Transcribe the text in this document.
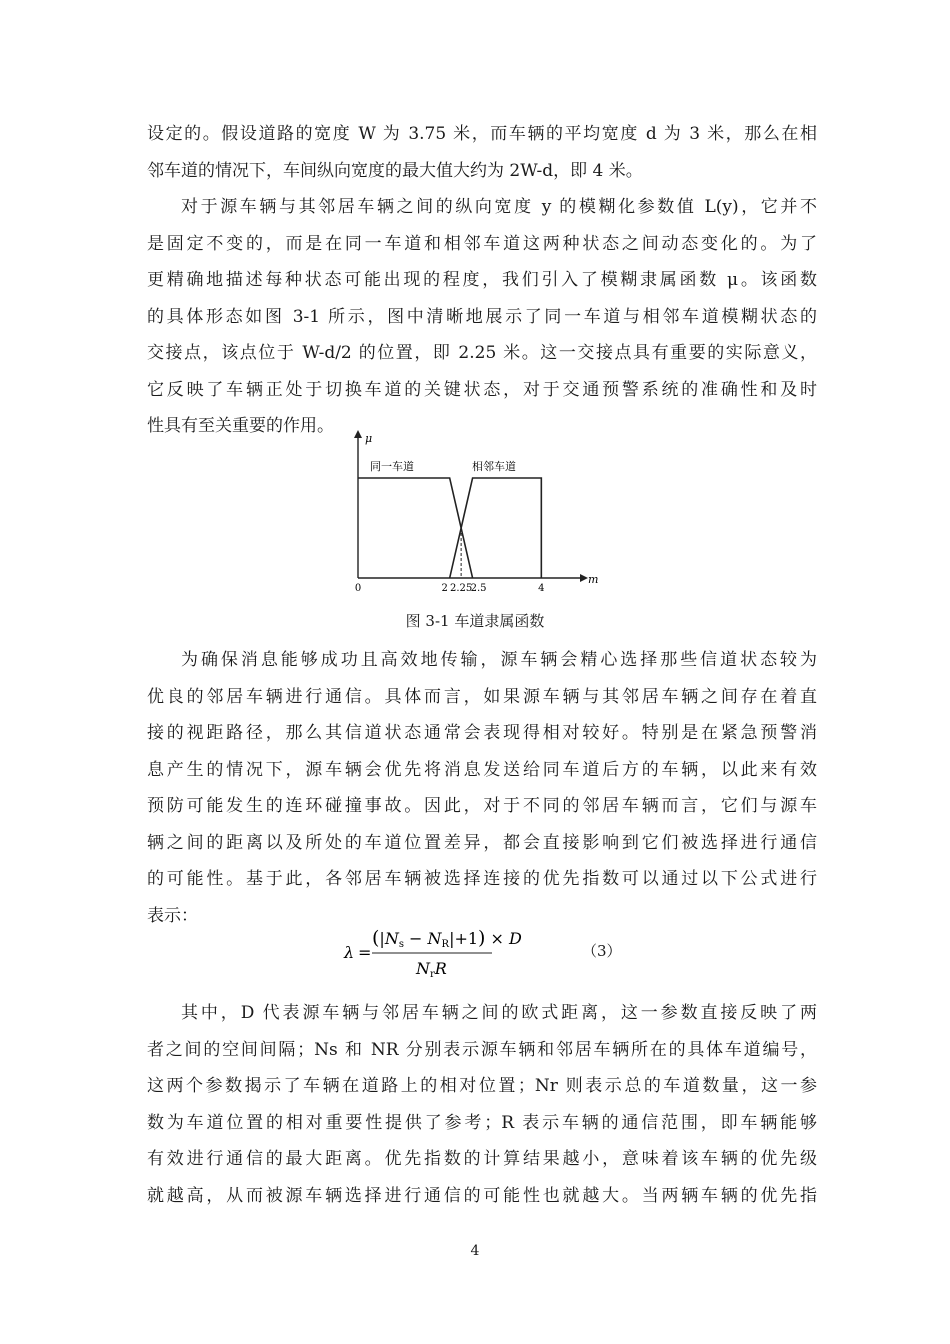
设定的。假设道路的宽度 W 为 3.75 米，而车辆的平均宽度 d 为 3 米，那么在相
邻车道的情况下，车间纵向宽度的最大值大约为 2W-d，即 4 米。
对于源车辆与其邻居车辆之间的纵向宽度 y 的模糊化参数值 L(y)，它并不
是固定不变的，而是在同一车道和相邻车道这两种状态之间动态变化的。为了
更精确地描述每种状态可能出现的程度，我们引入了模糊隶属函数 μ。该函数
的具体形态如图 3-1 所示，图中清晰地展示了同一车道与相邻车道模糊状态的
交接点，该点位于 W-d/2 的位置，即 2.25 米。这一交接点具有重要的实际意义，
它反映了车辆正处于切换车道的关键状态，对于交通预警系统的准确性和及时
性具有至关重要的作用。
μ
m
同一车道	相邻车道
0	2 2.25
2.5	4
图 3-1 车道隶属函数
为确保消息能够成功且高效地传输，源车辆会精心选择那些信道状态较为
优良的邻居车辆进行通信。具体而言，如果源车辆与其邻居车辆之间存在着直
接的视距路径，那么其信道状态通常会表现得相对较好。特别是在紧急预警消
息产生的情况下，源车辆会优先将消息发送给同车道后方的车辆，以此来有效
预防可能发生的连环碰撞事故。因此，对于不同的邻居车辆而言，它们与源车
辆之间的距离以及所处的车道位置差异，都会直接影响到它们被选择进行通信
的可能性。基于此，各邻居车辆被选择连接的优先指数可以通过以下公式进行
表示：
λ =
(|Ns − NR|+1) × D
NrR
（3）
其中，D 代表源车辆与邻居车辆之间的欧式距离，这一参数直接反映了两
者之间的空间间隔；Ns 和 NR 分别表示源车辆和邻居车辆所在的具体车道编号，
这两个参数揭示了车辆在道路上的相对位置；Nr 则表示总的车道数量，这一参
数为车道位置的相对重要性提供了参考；R 表示车辆的通信范围，即车辆能够
有效进行通信的最大距离。优先指数的计算结果越小，意味着该车辆的优先级
就越高，从而被源车辆选择进行通信的可能性也就越大。当两辆车辆的优先指
4
